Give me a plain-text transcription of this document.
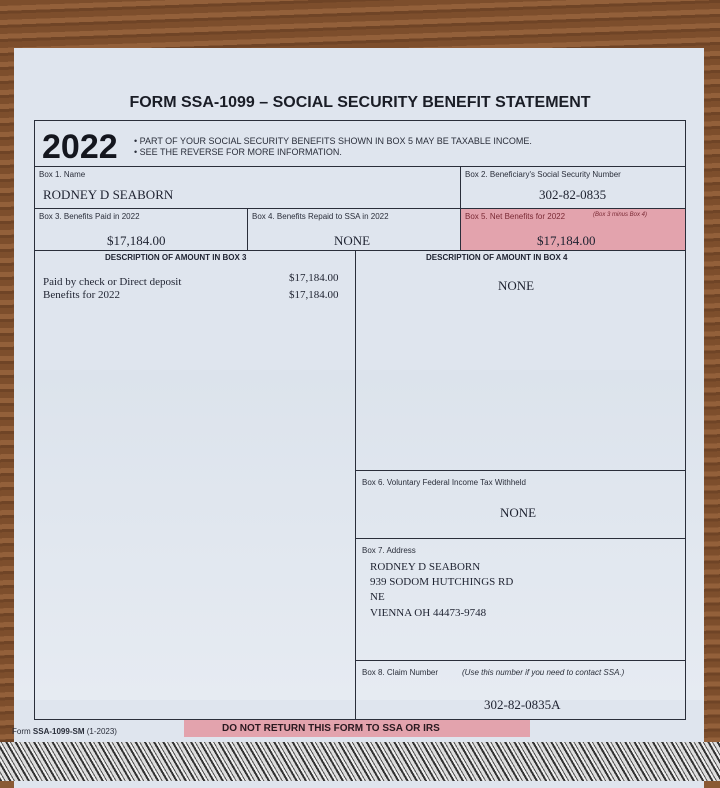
FORM SSA-1099 – SOCIAL SECURITY BENEFIT STATEMENT
2022 • PART OF YOUR SOCIAL SECURITY BENEFITS SHOWN IN BOX 5 MAY BE TAXABLE INCOME.
• SEE THE REVERSE FOR MORE INFORMATION.
Box 1. Name
RODNEY D SEABORN
Box 2. Beneficiary's Social Security Number
302-82-0835
Box 3. Benefits Paid in 2022
$17,184.00
Box 4. Benefits Repaid to SSA in 2022
NONE
Box 5. Net Benefits for 2022	(Box 3 minus Box 4)
$17,184.00
DESCRIPTION OF AMOUNT IN BOX 3
Paid by check or Direct deposit	$17,184.00
Benefits for 2022	$17,184.00
DESCRIPTION OF AMOUNT IN BOX 4
NONE
Box 6. Voluntary Federal Income Tax Withheld
NONE
Box 7. Address
RODNEY D SEABORN
939 SODOM HUTCHINGS RD
NE
VIENNA OH 44473-9748
Box 8. Claim Number	(Use this number if you need to contact SSA.)
302-82-0835A
Form SSA-1099-SM (1-2023)	DO NOT RETURN THIS FORM TO SSA OR IRS
